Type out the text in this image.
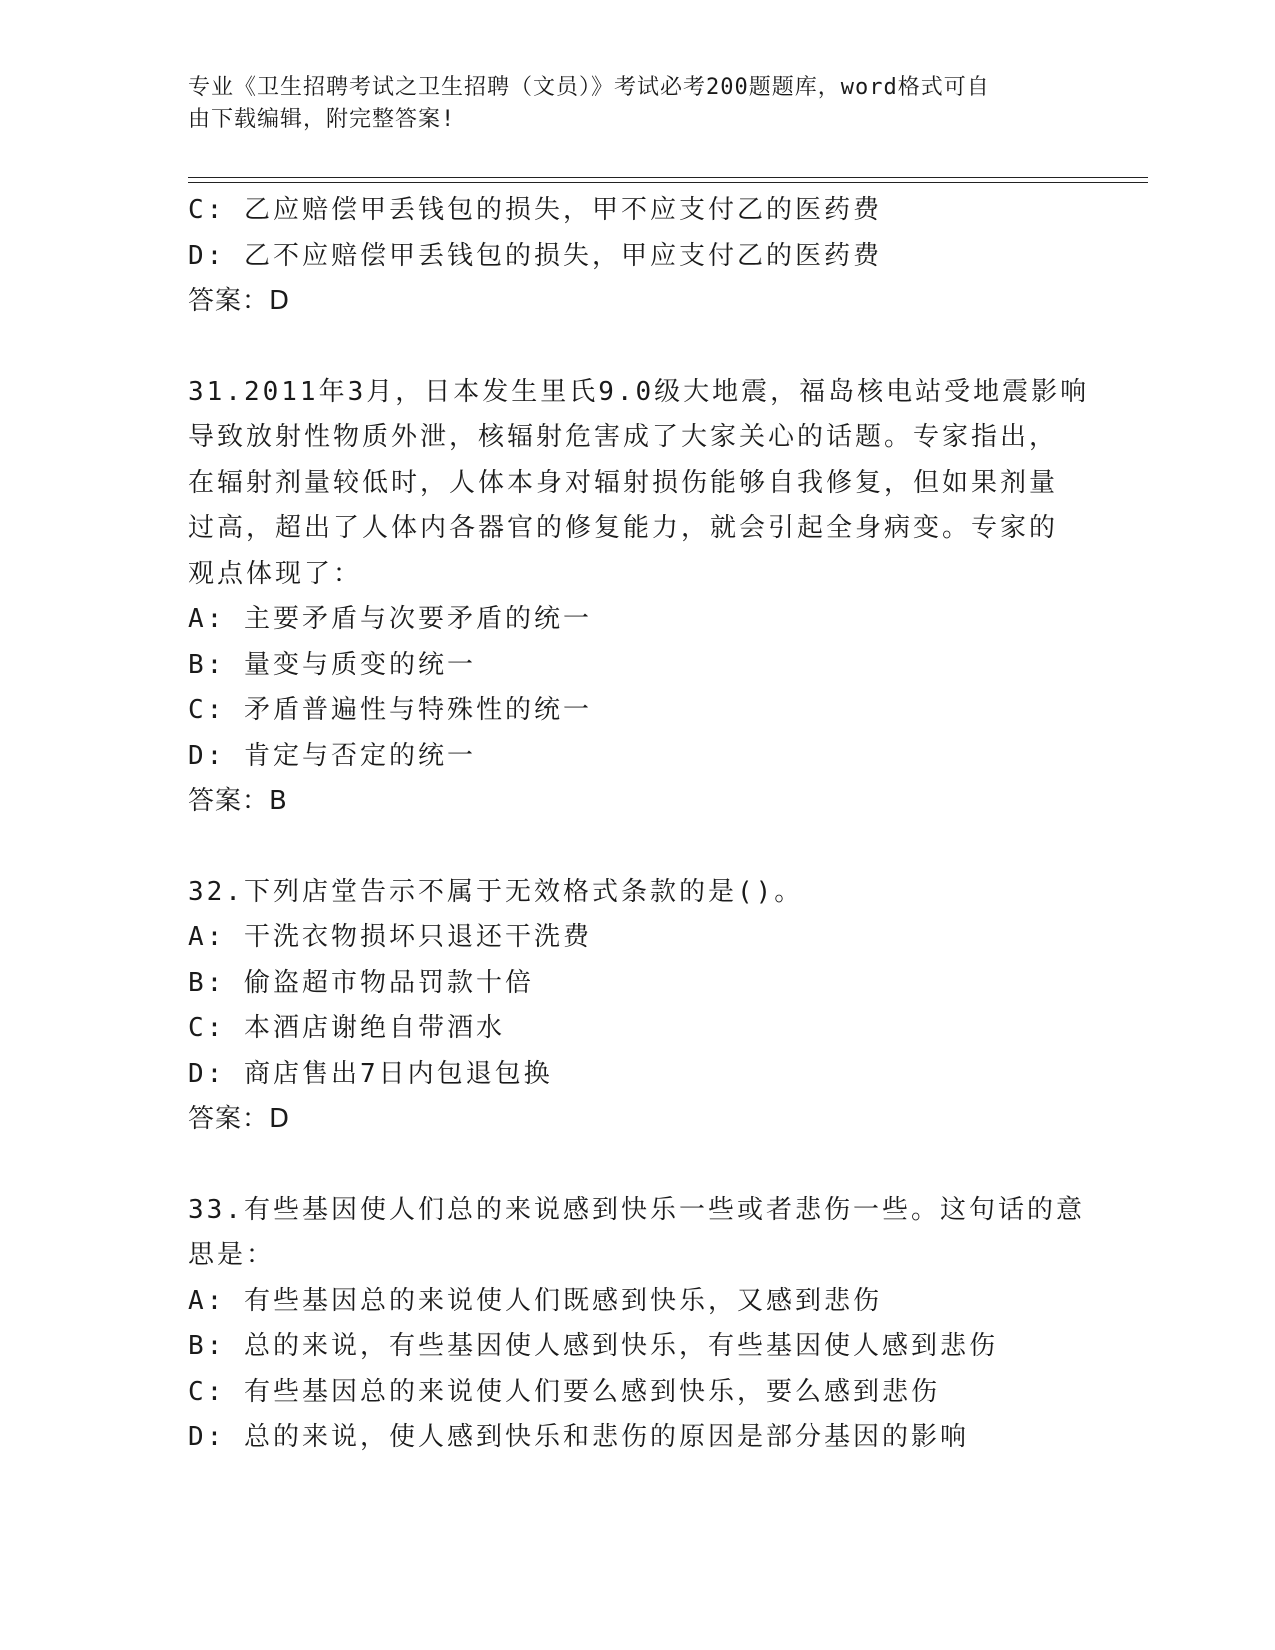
专业《卫生招聘考试之卫生招聘（文员）》考试必考200题题库，word格式可自
由下载编辑，附完整答案!
C: 乙应赔偿甲丢钱包的损失，甲不应支付乙的医药费
D: 乙不应赔偿甲丢钱包的损失，甲应支付乙的医药费
答案：D
31.2011年3月，日本发生里氏9.0级大地震，福岛核电站受地震影响
导致放射性物质外泄，核辐射危害成了大家关心的话题。专家指出，
在辐射剂量较低时，人体本身对辐射损伤能够自我修复，但如果剂量
过高，超出了人体内各器官的修复能力，就会引起全身病变。专家的
观点体现了：
A: 主要矛盾与次要矛盾的统一
B: 量变与质变的统一
C: 矛盾普遍性与特殊性的统一
D: 肯定与否定的统一
答案：B
32.下列店堂告示不属于无效格式条款的是()。
A: 干洗衣物损坏只退还干洗费
B: 偷盗超市物品罚款十倍
C: 本酒店谢绝自带酒水
D: 商店售出7日内包退包换
答案：D
33.有些基因使人们总的来说感到快乐一些或者悲伤一些。这句话的意
思是：
A: 有些基因总的来说使人们既感到快乐，又感到悲伤
B: 总的来说，有些基因使人感到快乐，有些基因使人感到悲伤
C: 有些基因总的来说使人们要么感到快乐，要么感到悲伤
D: 总的来说，使人感到快乐和悲伤的原因是部分基因的影响
